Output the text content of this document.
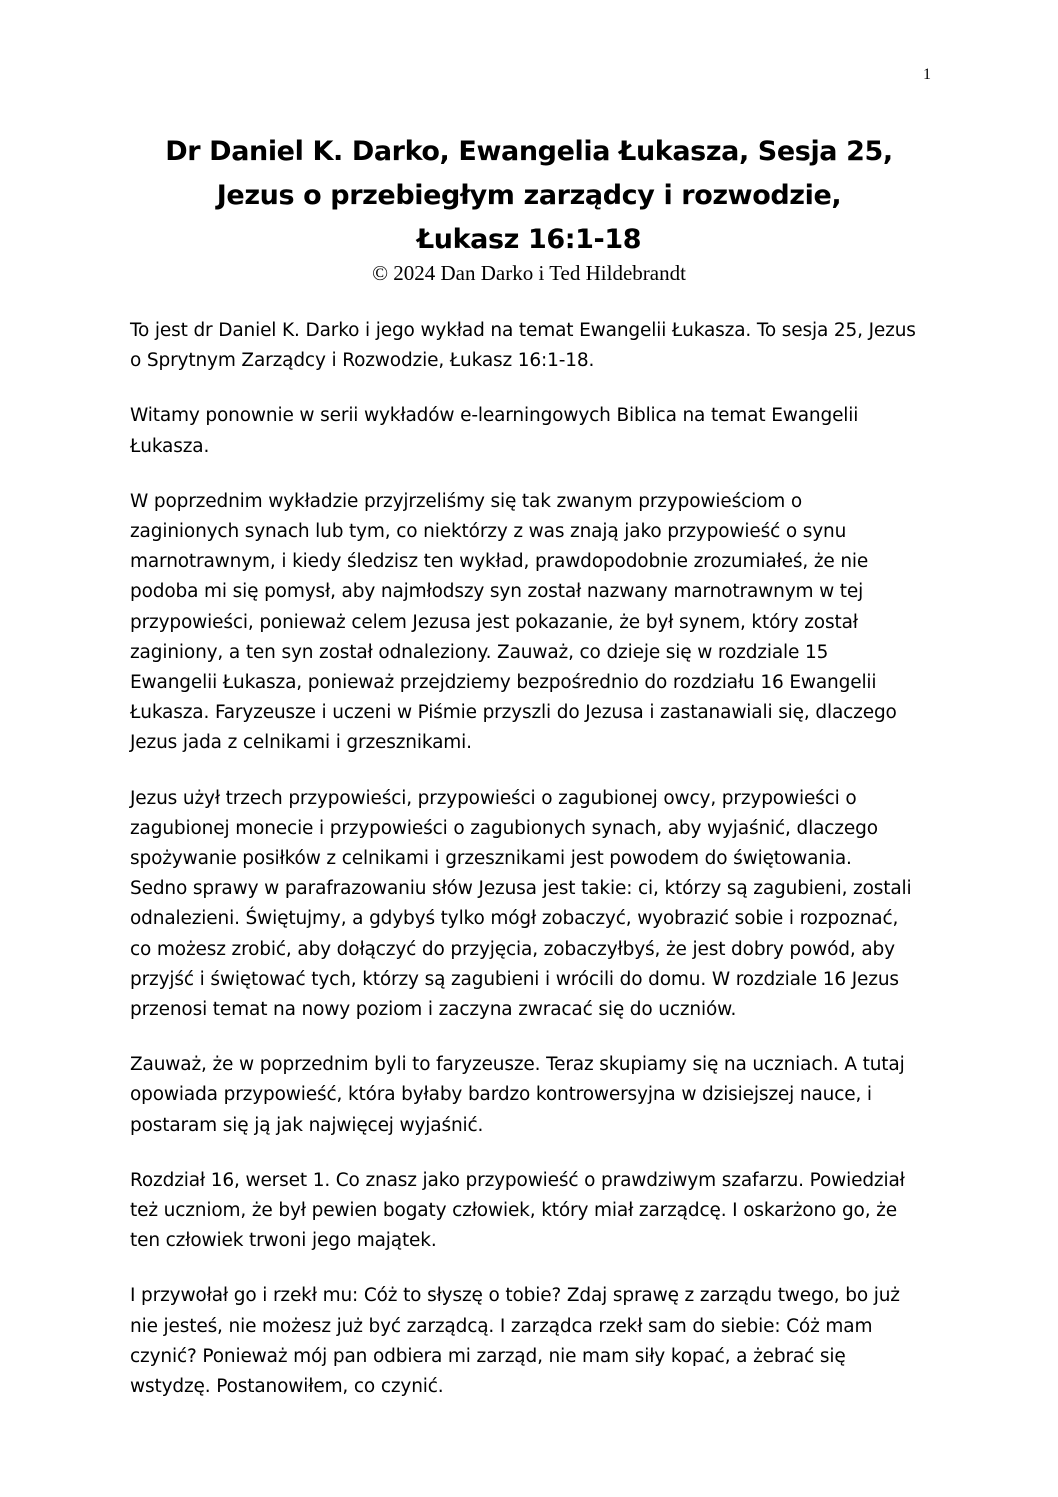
1
Dr Daniel K. Darko, Ewangelia Łukasza, Sesja 25,
Jezus o przebiegłym zarządcy i rozwodzie,
Łukasz 16:1-18
© 2024 Dan Darko i Ted Hildebrandt

To jest dr Daniel K. Darko i jego wykład na temat Ewangelii Łukasza. To sesja 25, Jezus
o Sprytnym Zarządcy i Rozwodzie, Łukasz 16:1-18.

Witamy ponownie w serii wykładów e-learningowych Biblica na temat Ewangelii
Łukasza.

W poprzednim wykładzie przyjrzeliśmy się tak zwanym przypowieściom o
zaginionych synach lub tym, co niektórzy z was znają jako przypowieść o synu
marnotrawnym, i kiedy śledzisz ten wykład, prawdopodobnie zrozumiałeś, że nie
podoba mi się pomysł, aby najmłodszy syn został nazwany marnotrawnym w tej
przypowieści, ponieważ celem Jezusa jest pokazanie, że był synem, który został
zaginiony, a ten syn został odnaleziony. Zauważ, co dzieje się w rozdziale 15
Ewangelii Łukasza, ponieważ przejdziemy bezpośrednio do rozdziału 16 Ewangelii
Łukasza. Faryzeusze i uczeni w Piśmie przyszli do Jezusa i zastanawiali się, dlaczego
Jezus jada z celnikami i grzesznikami.

Jezus użył trzech przypowieści, przypowieści o zagubionej owcy, przypowieści o
zagubionej monecie i przypowieści o zagubionych synach, aby wyjaśnić, dlaczego
spożywanie posiłków z celnikami i grzesznikami jest powodem do świętowania.
Sedno sprawy w parafrazowaniu słów Jezusa jest takie: ci, którzy są zagubieni, zostali
odnalezieni. Świętujmy, a gdybyś tylko mógł zobaczyć, wyobrazić sobie i rozpoznać,
co możesz zrobić, aby dołączyć do przyjęcia, zobaczyłbyś, że jest dobry powód, aby
przyjść i świętować tych, którzy są zagubieni i wrócili do domu. W rozdziale 16 Jezus
przenosi temat na nowy poziom i zaczyna zwracać się do uczniów.

Zauważ, że w poprzednim byli to faryzeusze. Teraz skupiamy się na uczniach. A tutaj
opowiada przypowieść, która byłaby bardzo kontrowersyjna w dzisiejszej nauce, i
postaram się ją jak najwięcej wyjaśnić.

Rozdział 16, werset 1. Co znasz jako przypowieść o prawdziwym szafarzu. Powiedział
też uczniom, że był pewien bogaty człowiek, który miał zarządcę. I oskarżono go, że
ten człowiek trwoni jego majątek.

I przywołał go i rzekł mu: Cóż to słyszę o tobie? Zdaj sprawę z zarządu twego, bo już
nie jesteś, nie możesz już być zarządcą. I zarządca rzekł sam do siebie: Cóż mam
czynić? Ponieważ mój pan odbiera mi zarząd, nie mam siły kopać, a żebrać się
wstydzę. Postanowiłem, co czynić.
